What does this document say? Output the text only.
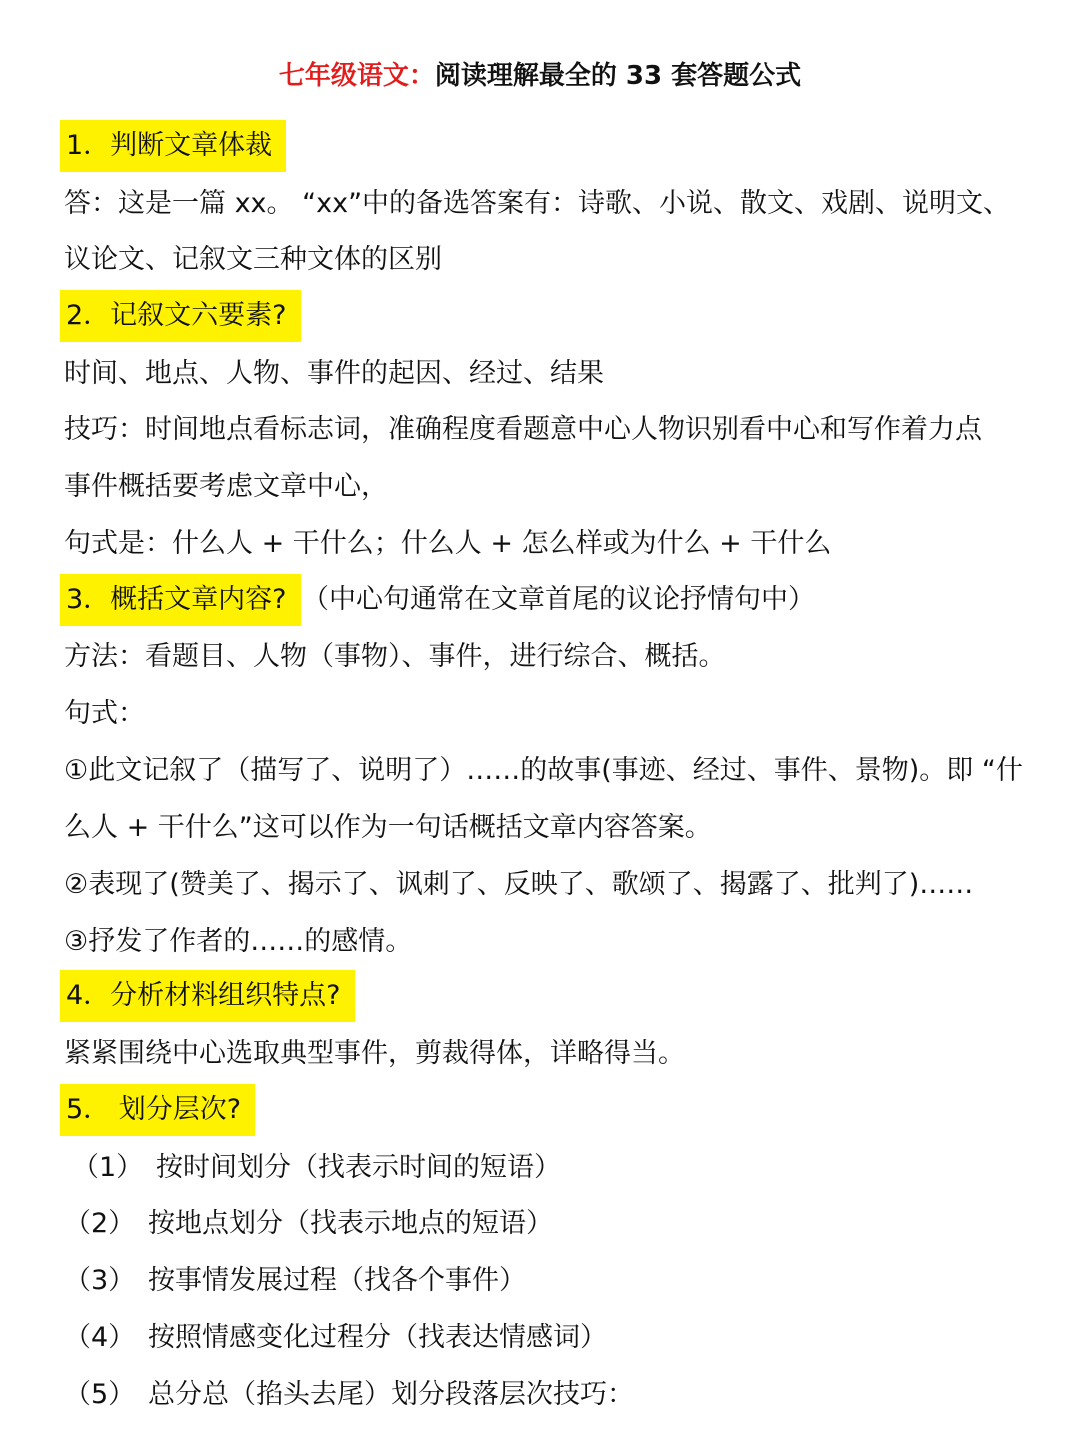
七年级语文：阅读理解最全的 33 套答题公式
1．判断文章体裁
答：这是一篇 xx。 “xx”中的备选答案有：诗歌、小说、散文、戏剧、说明文、
议论文、记叙文三种文体的区别
2．记叙文六要素?
时间、地点、人物、事件的起因、经过、结果
技巧：时间地点看标志词，准确程度看题意中心人物识别看中心和写作着力点
事件概括要考虑文章中心，
句式是：什么人 + 干什么；什么人 + 怎么样或为什么 + 干什么
3．概括文章内容? （中心句通常在文章首尾的议论抒情句中）
方法：看题目、人物（事物）、事件，进行综合、概括。
句式：
①此文记叙了（描写了、说明了）……的故事(事迹、经过、事件、景物)。即 “什
么人 + 干什么”这可以作为一句话概括文章内容答案。
②表现了(赞美了、揭示了、讽刺了、反映了、歌颂了、揭露了、批判了)……
③抒发了作者的……的感情。
4．分析材料组织特点?
紧紧围绕中心选取典型事件，剪裁得体，详略得当。
5． 划分层次?
（1） 按时间划分（找表示时间的短语）
（2） 按地点划分（找表示地点的短语）
（3） 按事情发展过程（找各个事件）
（4） 按照情感变化过程分（找表达情感词）
（5） 总分总（掐头去尾）划分段落层次技巧：
